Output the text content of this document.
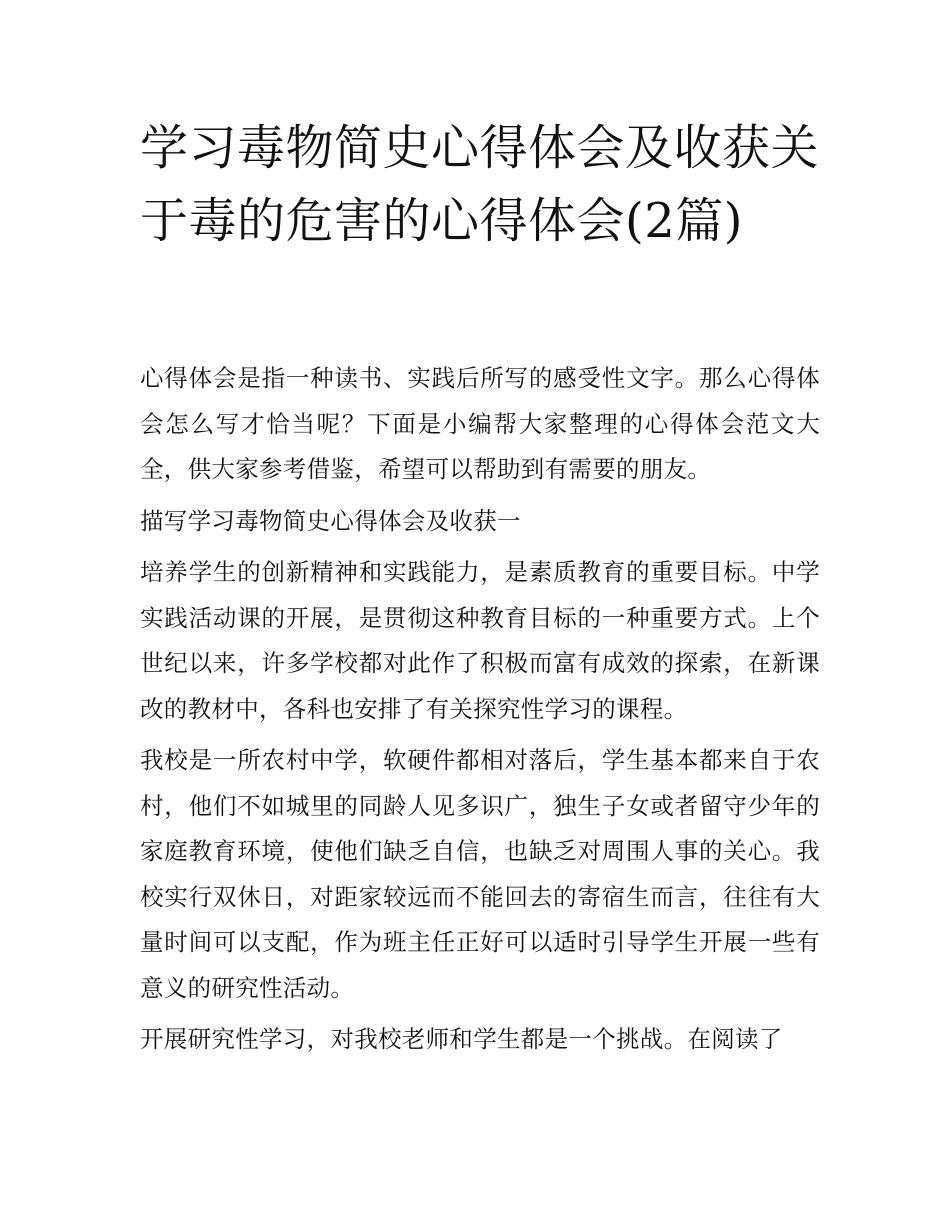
学习毒物简史心得体会及收获关于毒的危害的心得体会(2篇)

心得体会是指一种读书、实践后所写的感受性文字。那么心得体会怎么写才恰当呢？下面是小编帮大家整理的心得体会范文大全，供大家参考借鉴，希望可以帮助到有需要的朋友。

描写学习毒物简史心得体会及收获一

培养学生的创新精神和实践能力，是素质教育的重要目标。中学实践活动课的开展，是贯彻这种教育目标的一种重要方式。上个世纪以来，许多学校都对此作了积极而富有成效的探索，在新课改的教材中，各科也安排了有关探究性学习的课程。

我校是一所农村中学，软硬件都相对落后，学生基本都来自于农村，他们不如城里的同龄人见多识广，独生子女或者留守少年的家庭教育环境，使他们缺乏自信，也缺乏对周围人事的关心。我校实行双休日，对距家较远而不能回去的寄宿生而言，往往有大量时间可以支配，作为班主任正好可以适时引导学生开展一些有意义的研究性活动。

开展研究性学习，对我校老师和学生都是一个挑战。在阅读了
